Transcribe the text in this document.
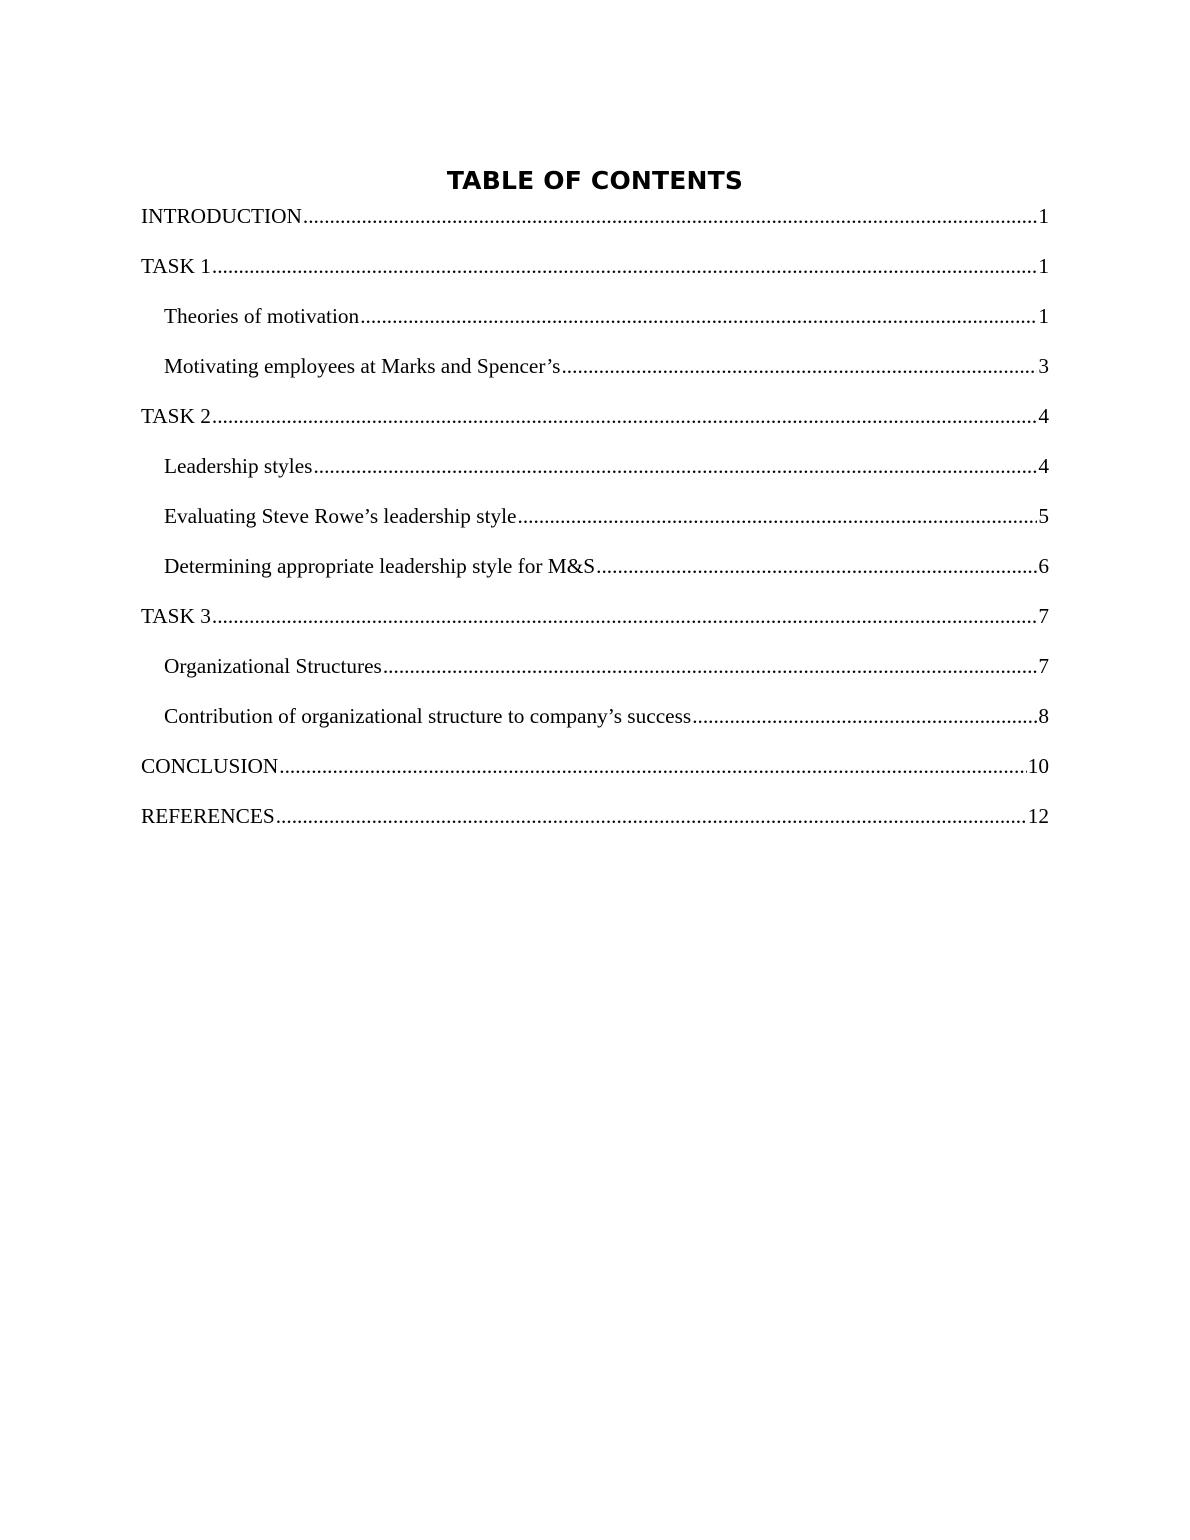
TABLE OF CONTENTS
INTRODUCTION .....	1
TASK 1 .....	1
Theories of motivation .....	1
Motivating employees at Marks and Spencer’s .....	3
TASK 2 .....	4
Leadership styles .....	4
Evaluating Steve Rowe’s leadership style .....	5
Determining appropriate leadership style for M&S .....	6
TASK 3 .....	7
Organizational Structures .....	7
Contribution of organizational structure to company’s success .....	8
CONCLUSION .....	10
REFERENCES .....	12
